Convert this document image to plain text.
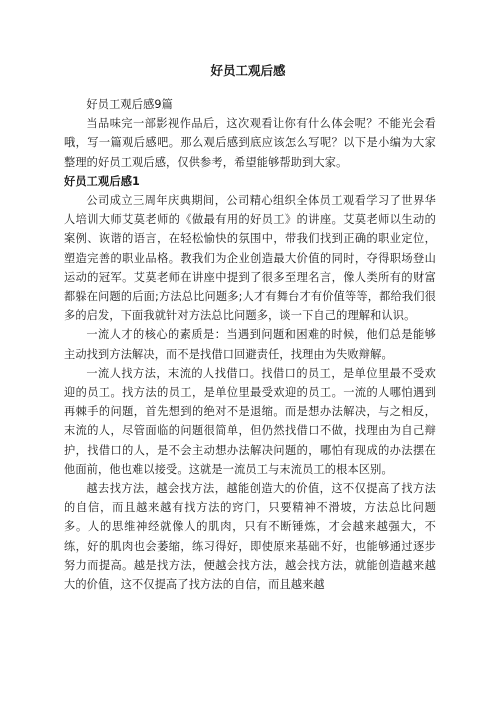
好员工观后感

好员工观后感9篇

当品味完一部影视作品后，这次观看让你有什么体会呢？不能光会看哦，写一篇观后感吧。那么观后感到底应该怎么写呢？以下是小编为大家整理的好员工观后感，仅供参考，希望能够帮助到大家。

好员工观后感1

公司成立三周年庆典期间，公司精心组织全体员工观看学习了世界华人培训大师艾莫老师的《做最有用的好员工》的讲座。艾莫老师以生动的案例、诙谐的语言，在轻松愉快的氛围中，带我们找到正确的职业定位，塑造完善的职业品格。教我们为企业创造最大价值的同时，夺得职场登山运动的冠军。艾莫老师在讲座中提到了很多至理名言，像人类所有的财富都躲在问题的后面;方法总比问题多;人才有舞台才有价值等等，都给我们很多的启发，下面我就针对方法总比问题多，谈一下自己的理解和认识。

一流人才的核心的素质是：当遇到问题和困难的时候，他们总是能够主动找到方法解决，而不是找借口回避责任，找理由为失败辩解。

一流人找方法，末流的人找借口。找借口的员工，是单位里最不受欢迎的员工。找方法的员工，是单位里最受欢迎的员工。一流的人哪怕遇到再棘手的问题，首先想到的绝对不是退缩。而是想办法解决，与之相反，末流的人，尽管面临的问题很简单，但仍然找借口不做，找理由为自己辩护，找借口的人，是不会主动想办法解决问题的，哪怕有现成的办法摆在他面前，他也难以接受。这就是一流员工与末流员工的根本区别。

越去找方法，越会找方法，越能创造大的价值，这不仅提高了找方法的自信，而且越来越有找方法的窍门，只要精神不滑坡，方法总比问题多。人的思维神经就像人的肌肉，只有不断锤炼，才会越来越强大，不练，好的肌肉也会萎缩，练习得好，即使原来基础不好，也能够通过逐步努力而提高。越是找方法，便越会找方法，越会找方法，就能创造越来越大的价值，这不仅提高了找方法的自信，而且越来越
